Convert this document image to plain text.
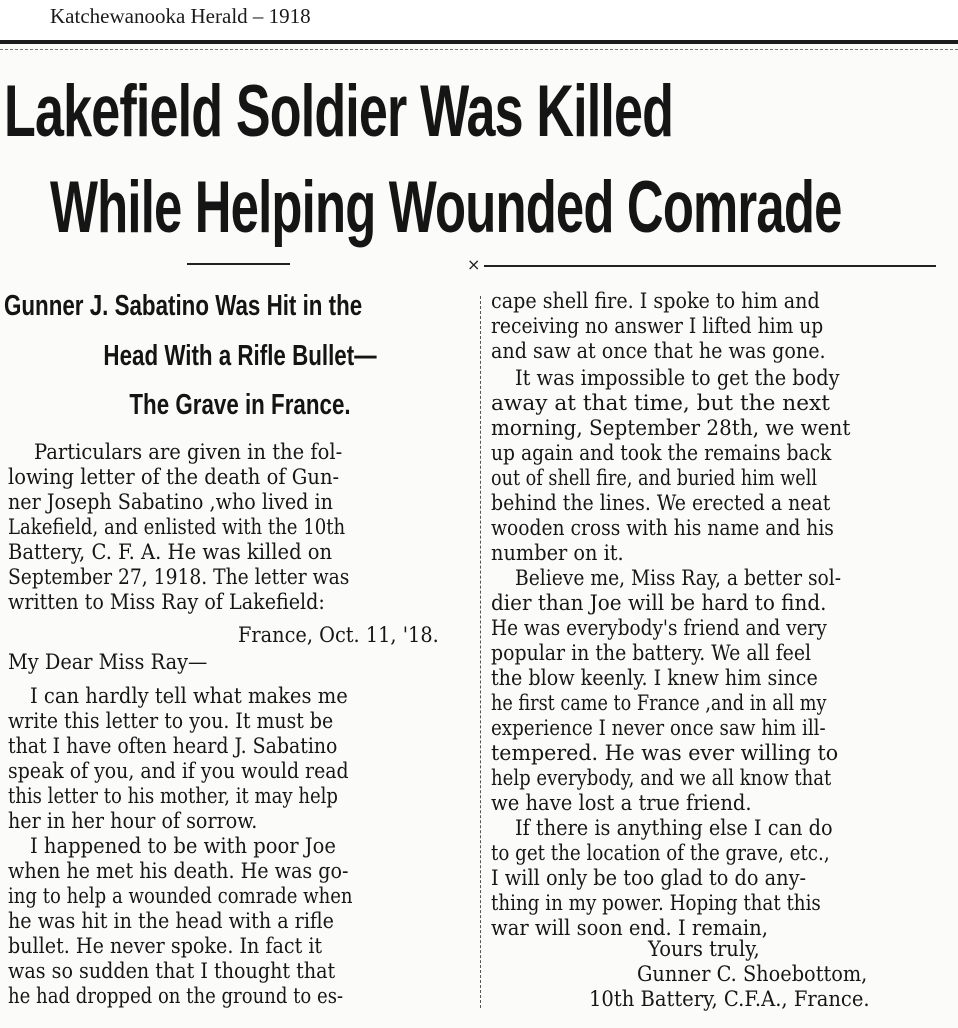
Katchewanooka Herald – 1918
Lakefield Soldier Was Killed
While Helping Wounded Comrade
×
Gunner J. Sabatino Was Hit in the
Head With a Rifle Bullet—
The Grave in France.
Particulars are given in the fol-
lowing letter of the death of Gun-
ner Joseph Sabatino ,who lived in
Lakefield, and enlisted with the 10th
Battery, C. F. A. He was killed on
September 27, 1918. The letter was
written to Miss Ray of Lakefield:
France, Oct. 11, '18.
My Dear Miss Ray—
I can hardly tell what makes me
write this letter to you. It must be
that I have often heard J. Sabatino
speak of you, and if you would read
this letter to his mother, it may help
her in her hour of sorrow.
I happened to be with poor Joe
when he met his death. He was go-
ing to help a wounded comrade when
he was hit in the head with a rifle
bullet. He never spoke. In fact it
was so sudden that I thought that
he had dropped on the ground to es-
cape shell fire. I spoke to him and
receiving no answer I lifted him up
and saw at once that he was gone.
It was impossible to get the body
away at that time, but the next
morning, September 28th, we went
up again and took the remains back
out of shell fire, and buried him well
behind the lines. We erected a neat
wooden cross with his name and his
number on it.
Believe me, Miss Ray, a better sol-
dier than Joe will be hard to find.
He was everybody's friend and very
popular in the battery. We all feel
the blow keenly. I knew him since
he first came to France ,and in all my
experience I never once saw him ill-
tempered. He was ever willing to
help everybody, and we all know that
we have lost a true friend.
If there is anything else I can do
to get the location of the grave, etc.,
I will only be too glad to do any-
thing in my power. Hoping that this
war will soon end. I remain,
Yours truly,
Gunner C. Shoebottom,
10th Battery, C.F.A., France.
